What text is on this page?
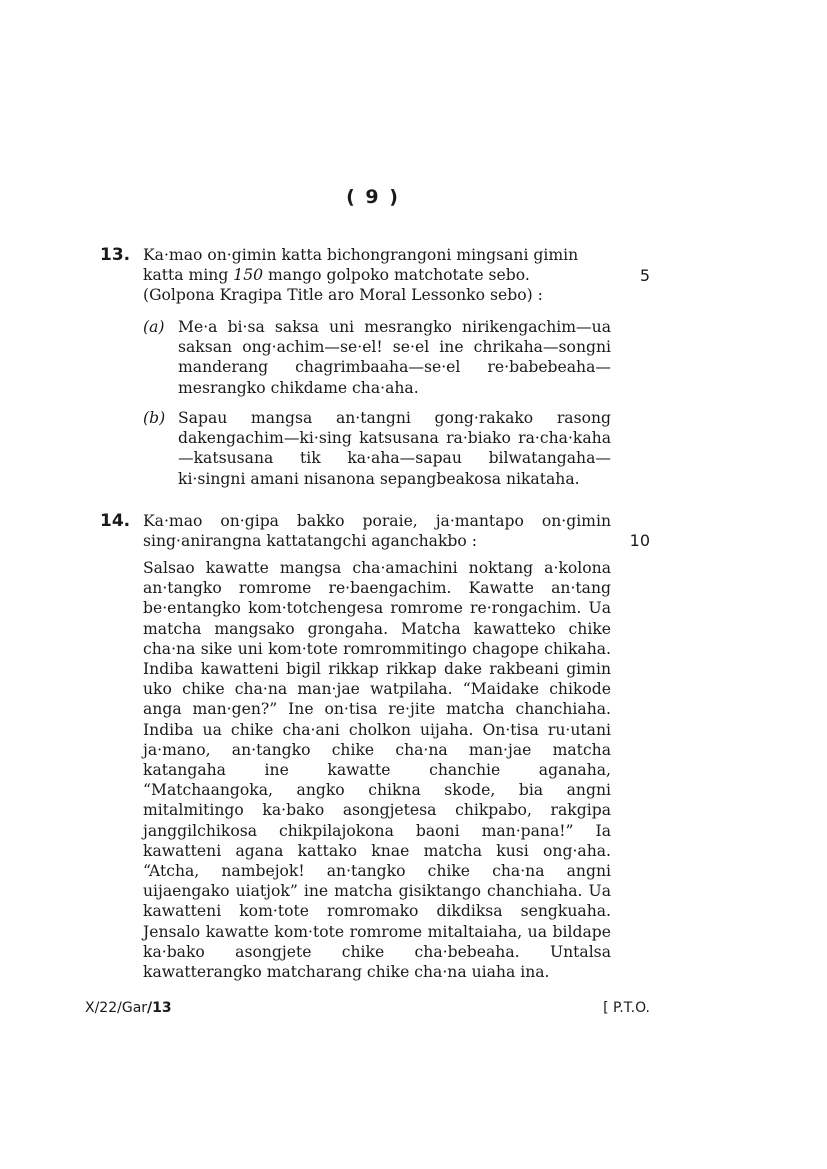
( 9 )
13.
5
Ka·mao on·gimin katta bichongrangoni mingsani gimin katta ming 150 mango golpoko matchotate sebo.
(Golpona Kragipa Title aro Moral Lessonko sebo) :
(a) Me·a bi·sa saksa uni mesrangko nirikengachim—ua saksan ong·achim—se·el! se·el ine chrikaha—songni manderang chagrimbaaha—se·el re·babebeaha—mesrangko chikdame cha·aha.
(b) Sapau mangsa an·tangni gong·rakako rasong dakengachim—ki·sing katsusana ra·biako ra·cha·kaha—katsusana tik ka·aha—sapau bilwatangaha—ki·singni amani nisanona sepangbeakosa nikataha.
14.
10
Ka·mao on·gipa bakko poraie, ja·mantapo on·gimin sing·anirangna kattatangchi aganchakbo :
Salsao kawatte mangsa cha·amachini noktang a·kolona an·tangko romrome re·baengachim. Kawatte an·tang be·entangko kom·totchengesa romrome re·rongachim. Ua matcha mangsako grongaha. Matcha kawatteko chike cha·na sike uni kom·tote romrommitingo chagope chikaha. Indiba kawatteni bigil rikkap rikkap dake rakbeani gimin uko chike cha·na man·jae watpilaha. “Maidake chikode anga man·gen?” Ine on·tisa re·jite matcha chanchiaha. Indiba ua chike cha·ani cholkon uijaha. On·tisa ru·utani ja·mano, an·tangko chike cha·na man·jae matcha katangaha ine kawatte chanchie aganaha, “Matchaangoka, angko chikna skode, bia angni mitalmitingo ka·bako asongjetesa chikpabo, rakgipa janggilchikosa chikpilajokona baoni man·pana!” Ia kawatteni agana kattako knae matcha kusi ong·aha. “Atcha, nambejok! an·tangko chike cha·na angni uijaengako uiatjok” ine matcha gisiktango chanchiaha. Ua kawatteni kom·tote romromako dikdiksa sengkuaha. Jensalo kawatte kom·tote romrome mitaltaiaha, ua bildape ka·bako asongjete chike cha·bebeaha. Untalsa kawatterangko matcharang chike cha·na uiaha ina.
X/22/Gar/13	[ P.T.O.
